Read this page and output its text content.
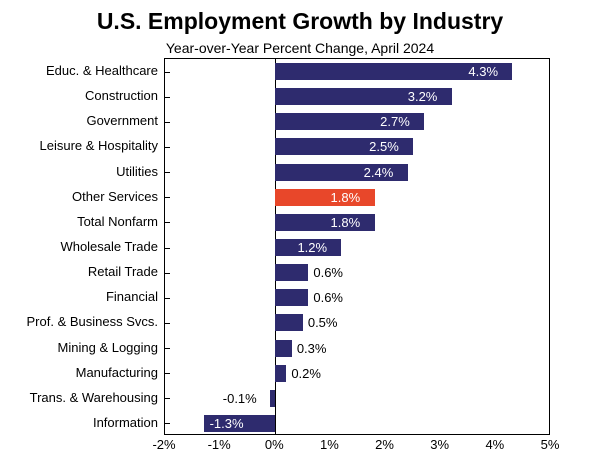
U.S. Employment Growth by Industry
Year-over-Year Percent Change, April 2024
Educ. & Healthcare
Construction
Government
Leisure & Hospitality
Utilities
Other Services
Total Nonfarm
Wholesale Trade
Retail Trade
Financial
Prof. & Business Svcs.
Mining & Logging
Manufacturing
Trans. & Warehousing
Information
4.3%
3.2%
2.7%
2.5%
2.4%
1.8%
1.8%
1.2%
0.6%
0.6%
0.5%
0.3%
0.2%
-0.1%
-1.3%
-2% -1%	0%	1%	2%	3%	4%	5%
